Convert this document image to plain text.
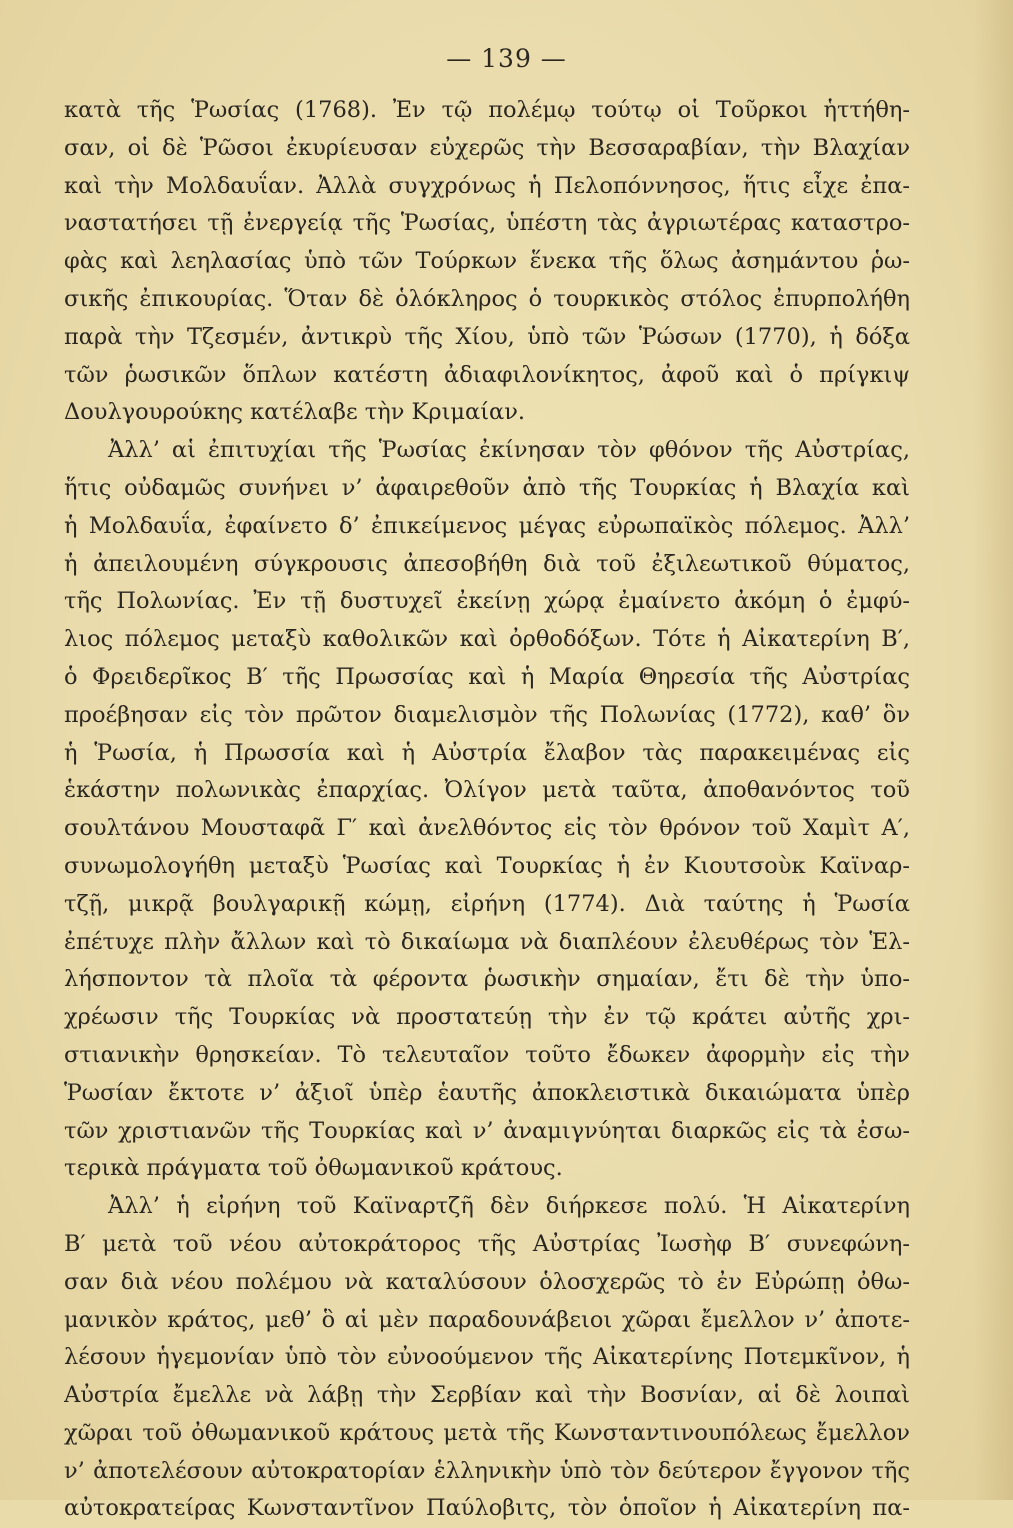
— 139 —
κατὰ τῆς Ῥωσίας (1768). Ἐν τῷ πολέμῳ τούτῳ οἱ Τοῦρκοι ἡττήθη-
σαν, οἱ δὲ Ῥῶσοι ἐκυρίευσαν εὐχερῶς τὴν Βεσσαραβίαν, τὴν Βλαχίαν
καὶ τὴν Μολδαυΐαν. Ἀλλὰ συγχρόνως ἡ Πελοπόννησος, ἥτις εἶχε ἐπα-
ναστατήσει τῇ ἐνεργείᾳ τῆς Ῥωσίας, ὑπέστη τὰς ἀγριωτέρας καταστρο-
φὰς καὶ λεηλασίας ὑπὸ τῶν Τούρκων ἕνεκα τῆς ὅλως ἀσημάντου ῥω-
σικῆς ἐπικουρίας. Ὅταν δὲ ὁλόκληρος ὁ τουρκικὸς στόλος ἐπυρπολήθη
παρὰ τὴν Τζεσμέν, ἀντικρὺ τῆς Χίου, ὑπὸ τῶν Ῥώσων (1770), ἡ δόξα
τῶν ῥωσικῶν ὅπλων κατέστη ἀδιαφιλονίκητος, ἀφοῦ καὶ ὁ πρίγκιψ
Δουλγουρούκης κατέλαβε τὴν Κριμαίαν.
Ἀλλ’ αἱ ἐπιτυχίαι τῆς Ῥωσίας ἐκίνησαν τὸν φθόνον τῆς Αὐστρίας,
ἥτις οὐδαμῶς συνήνει ν’ ἀφαιρεθοῦν ἀπὸ τῆς Τουρκίας ἡ Βλαχία καὶ
ἡ Μολδαυΐα, ἐφαίνετο δ’ ἐπικείμενος μέγας εὐρωπαϊκὸς πόλεμος. Ἀλλ’
ἡ ἀπειλουμένη σύγκρουσις ἀπεσοβήθη διὰ τοῦ ἐξιλεωτικοῦ θύματος,
τῆς Πολωνίας. Ἐν τῇ δυστυχεῖ ἐκείνῃ χώρᾳ ἐμαίνετο ἀκόμη ὁ ἐμφύ-
λιος πόλεμος μεταξὺ καθολικῶν καὶ ὀρθοδόξων. Τότε ἡ Αἰκατερίνη Β′,
ὁ Φρειδερῖκος Β′ τῆς Πρωσσίας καὶ ἡ Μαρία Θηρεσία τῆς Αὐστρίας
προέβησαν εἰς τὸν πρῶτον διαμελισμὸν τῆς Πολωνίας (1772), καθ’ ὃν
ἡ Ῥωσία, ἡ Πρωσσία καὶ ἡ Αὐστρία ἔλαβον τὰς παρακειμένας εἰς
ἑκάστην πολωνικὰς ἐπαρχίας. Ὀλίγον μετὰ ταῦτα, ἀποθανόντος τοῦ
σουλτάνου Μουσταφᾶ Γ′ καὶ ἀνελθόντος εἰς τὸν θρόνον τοῦ Χαμὶτ Α′,
συνωμολογήθη μεταξὺ Ῥωσίας καὶ Τουρκίας ἡ ἐν Κιουτσοὺκ Καϊναρ-
τζῇ, μικρᾷ βουλγαρικῇ κώμῃ, εἰρήνη (1774). Διὰ ταύτης ἡ Ῥωσία
ἐπέτυχε πλὴν ἄλλων καὶ τὸ δικαίωμα νὰ διαπλέουν ἐλευθέρως τὸν Ἑλ-
λήσποντον τὰ πλοῖα τὰ φέροντα ῥωσικὴν σημαίαν, ἔτι δὲ τὴν ὑπο-
χρέωσιν τῆς Τουρκίας νὰ προστατεύῃ τὴν ἐν τῷ κράτει αὐτῆς χρι-
στιανικὴν θρησκείαν. Τὸ τελευταῖον τοῦτο ἔδωκεν ἀφορμὴν εἰς τὴν
Ῥωσίαν ἔκτοτε ν’ ἀξιοῖ ὑπὲρ ἑαυτῆς ἀποκλειστικὰ δικαιώματα ὑπὲρ
τῶν χριστιανῶν τῆς Τουρκίας καὶ ν’ ἀναμιγνύηται διαρκῶς εἰς τὰ ἐσω-
τερικὰ πράγματα τοῦ ὀθωμανικοῦ κράτους.
Ἀλλ’ ἡ εἰρήνη τοῦ Καϊναρτζῆ δὲν διήρκεσε πολύ. Ἡ Αἰκατερίνη
Β′ μετὰ τοῦ νέου αὐτοκράτορος τῆς Αὐστρίας Ἰωσὴφ Β′ συνεφώνη-
σαν διὰ νέου πολέμου νὰ καταλύσουν ὁλοσχερῶς τὸ ἐν Εὐρώπῃ ὀθω-
μανικὸν κράτος, μεθ’ ὃ αἱ μὲν παραδουνάβειοι χῶραι ἔμελλον ν’ ἀποτε-
λέσουν ἡγεμονίαν ὑπὸ τὸν εὐνοούμενον τῆς Αἰκατερίνης Ποτεμκῖνον, ἡ
Αὐστρία ἔμελλε νὰ λάβῃ τὴν Σερβίαν καὶ τὴν Βοσνίαν, αἱ δὲ λοιπαὶ
χῶραι τοῦ ὀθωμανικοῦ κράτους μετὰ τῆς Κωνσταντινουπόλεως ἔμελλον
ν’ ἀποτελέσουν αὐτοκρατορίαν ἑλληνικὴν ὑπὸ τὸν δεύτερον ἔγγονον τῆς
αὐτοκρατείρας Κωνσταντῖνον Παύλοβιτς, τὸν ὁποῖον ἡ Αἰκατερίνη πα-
